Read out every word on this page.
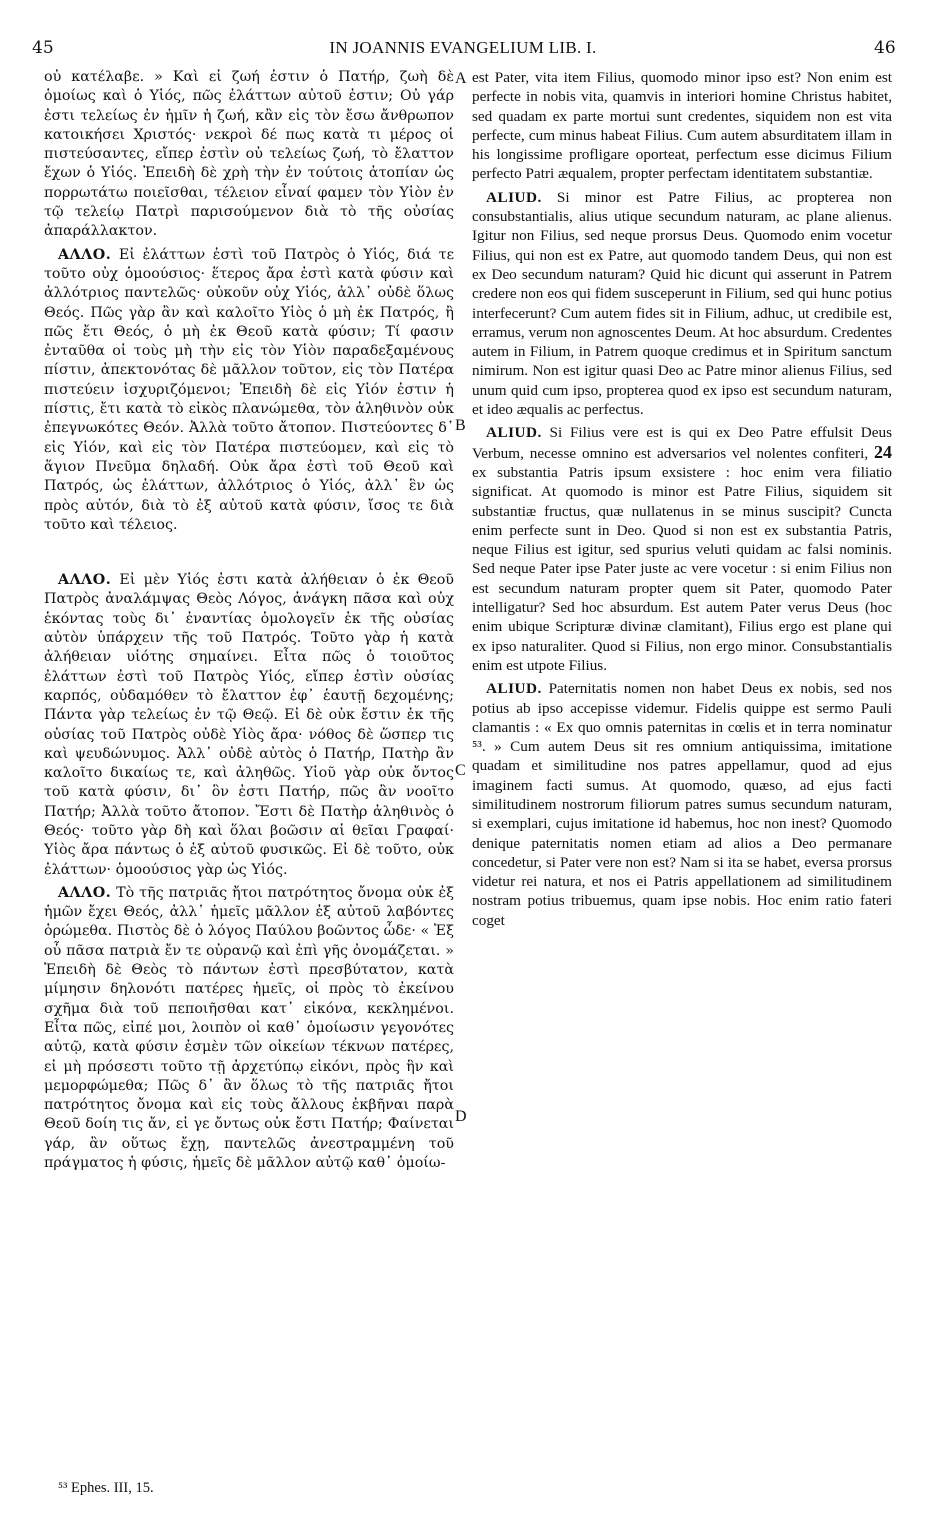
45	IN JOANNIS EVANGELIUM LIB. I.	46

οὐ κατέλαβε. » Καὶ εἰ ζωή ἐστιν ὁ Πατήρ, ζωὴ δὲ ὁμοίως καὶ ὁ Υἱός, πῶς ἐλάττων αὐτοῦ ἐστιν; Οὐ γάρ ἐστι τελείως ἐν ἡμῖν ἡ ζωή, κἂν εἰς τὸν ἔσω ἄνθρωπον κατοικήσει Χριστός· νεκροὶ δέ πως κατὰ τι μέρος οἱ πιστεύσαντες, εἴπερ ἐστὶν οὐ τελείως ζωή, τὸ ἔλαττον ἔχων ὁ Υἱός. Ἐπειδὴ δὲ χρὴ τὴν ἐν τούτοις ἀτοπίαν ὡς πορρωτάτω ποιεῖσθαι, τέλειον εἶναί φαμεν τὸν Υἱὸν ἐν τῷ τελείῳ Πατρὶ παρισούμενον διὰ τὸ τῆς οὐσίας ἀπαράλλακτον.

ΑΛΛΟ. Εἰ ἐλάττων ἐστὶ τοῦ Πατρὸς ὁ Υἱός, διά τε τοῦτο οὐχ ὁμοούσιος· ἕτερος ἄρα ἐστὶ κατὰ φύσιν καὶ ἀλλότριος παντελῶς· οὐκοῦν οὐχ Υἱός, ἀλλ᾽ οὐδὲ ὅλως Θεός. Πῶς γὰρ ἂν καὶ καλοῖτο Υἱὸς ὁ μὴ ἐκ Πατρός, ἢ πῶς ἔτι Θεός, ὁ μὴ ἐκ Θεοῦ κατὰ φύσιν; Τί φασιν ἐνταῦθα οἱ τοὺς μὴ τὴν εἰς τὸν Υἱὸν παραδεξαμένους πίστιν, ἀπεκτονότας δὲ μᾶλλον τοῦτον, εἰς τὸν Πατέρα πιστεύειν ἰσχυριζόμενοι; Ἐπειδὴ δὲ εἰς Υἱόν ἐστιν ἡ πίστις, ἔτι κατὰ τὸ εἰκὸς πλανώμεθα, τὸν ἀληθινὸν οὐκ ἐπεγνωκότες Θεόν. Ἀλλὰ τοῦτο ἄτοπον. Πιστεύοντες δ᾽ εἰς Υἱόν, καὶ εἰς τὸν Πατέρα πιστεύομεν, καὶ εἰς τὸ ἅγιον Πνεῦμα δηλαδή. Οὐκ ἄρα ἐστὶ τοῦ Θεοῦ καὶ Πατρός, ὡς ἐλάττων, ἀλλότριος ὁ Υἱός, ἀλλ᾽ ἓν ὡς πρὸς αὐτόν, διὰ τὸ ἐξ αὐτοῦ κατὰ φύσιν, ἴσος τε διὰ τοῦτο καὶ τέλειος.

ΑΛΛΟ. Εἰ μὲν Υἱός ἐστι κατὰ ἀλήθειαν ὁ ἐκ Θεοῦ Πατρὸς ἀναλάμψας Θεὸς Λόγος, ἀνάγκη πᾶσα καὶ οὐχ ἑκόντας τοὺς δι᾽ ἐναντίας ὁμολογεῖν ἐκ τῆς οὐσίας αὐτὸν ὑπάρχειν τῆς τοῦ Πατρός. Τοῦτο γὰρ ἡ κατὰ ἀλήθειαν υἱότης σημαίνει. Εἶτα πῶς ὁ τοιοῦτος ἐλάττων ἐστὶ τοῦ Πατρὸς Υἱός, εἴπερ ἐστὶν οὐσίας καρπός, οὐδαμόθεν τὸ ἔλαττον ἐφ᾽ ἑαυτῇ δεχομένης; Πάντα γὰρ τελείως ἐν τῷ Θεῷ. Εἰ δὲ οὐκ ἔστιν ἐκ τῆς οὐσίας τοῦ Πατρὸς οὐδὲ Υἱὸς ἄρα· νόθος δὲ ὥσπερ τις καὶ ψευδώνυμος. Ἀλλ᾽ οὐδὲ αὐτὸς ὁ Πατήρ, Πατὴρ ἂν καλοῖτο δικαίως τε, καὶ ἀληθῶς. Υἱοῦ γὰρ οὐκ ὄντος τοῦ κατὰ φύσιν, δι᾽ ὃν ἐστι Πατήρ, πῶς ἂν νοοῖτο Πατήρ; Ἀλλὰ τοῦτο ἄτοπον. Ἔστι δὲ Πατὴρ ἀληθινὸς ὁ Θεός· τοῦτο γὰρ δὴ καὶ ὅλαι βοῶσιν αἱ θεῖαι Γραφαί· Υἱὸς ἄρα πάντως ὁ ἐξ αὐτοῦ φυσικῶς. Εἰ δὲ τοῦτο, οὐκ ἐλάττων· ὁμοούσιος γὰρ ὡς Υἱός.

ΑΛΛΟ. Τὸ τῆς πατριᾶς ἤτοι πατρότητος ὄνομα οὐκ ἐξ ἡμῶν ἔχει Θεός, ἀλλ᾽ ἡμεῖς μᾶλλον ἐξ αὐτοῦ λαβόντες ὁρώμεθα. Πιστὸς δὲ ὁ λόγος Παύλου βοῶντος ὧδε· « Ἐξ οὗ πᾶσα πατριὰ ἔν τε οὐρανῷ καὶ ἐπὶ γῆς ὀνομάζεται. » Ἐπειδὴ δὲ Θεὸς τὸ πάντων ἐστὶ πρεσβύτατον, κατὰ μίμησιν δηλονότι πατέρες ἡμεῖς, οἱ πρὸς τὸ ἐκείνου σχῆμα διὰ τοῦ πεποιῆσθαι κατ᾽ εἰκόνα, κεκλημένοι. Εἶτα πῶς, εἰπέ μοι, λοιπὸν οἱ καθ᾽ ὁμοίωσιν γεγονότες αὐτῷ, κατὰ φύσιν ἐσμὲν τῶν οἰκείων τέκνων πατέρες, εἰ μὴ πρόσεστι τοῦτο τῇ ἀρχετύπῳ εἰκόνι, πρὸς ἣν καὶ μεμορφώμεθα; Πῶς δ᾽ ἂν ὅλως τὸ τῆς πατριᾶς ἤτοι πατρότητος ὄνομα καὶ εἰς τοὺς ἄλλους ἐκβῆναι παρὰ Θεοῦ δοίη τις ἄν, εἰ γε ὄντως οὐκ ἔστι Πατήρ; Φαίνεται γάρ, ἂν οὕτως ἔχῃ, παντελῶς ἀνεστραμμένη τοῦ πράγματος ἡ φύσις, ἡμεῖς δὲ μᾶλλον αὐτῷ καθ᾽ ὁμοίω-

est Pater, vita item Filius, quomodo minor ipso est? Non enim est perfecte in nobis vita, quamvis in interiori homine Christus habitet, sed quadam ex parte mortui sunt credentes, siquidem non est vita perfecte, cum minus habeat Filius. Cum autem absurditatem illam in his longissime profligare oporteat, perfectum esse dicimus Filium perfecto Patri æqualem, propter perfectam identitatem substantiæ.

ALIUD. Si minor est Patre Filius, ac propterea non consubstantialis, alius utique secundum naturam, ac plane alienus. Igitur non Filius, sed neque prorsus Deus. Quomodo enim vocetur Filius, qui non est ex Patre, aut quomodo tandem Deus, qui non est ex Deo secundum naturam? Quid hic dicunt qui asserunt in Patrem credere non eos qui fidem susceperunt in Filium, sed qui hunc potius interfecerunt? Cum autem fides sit in Filium, adhuc, ut credibile est, erramus, verum non agnoscentes Deum. At hoc absurdum. Credentes autem in Filium, in Patrem quoque credimus et in Spiritum sanctum nimirum. Non est igitur quasi Deo ac Patre minor alienus Filius, sed unum quid cum ipso, propterea quod ex ipso est secundum naturam, et ideo æqualis ac perfectus.

ALIUD. Si Filius vere est is qui ex Deo Patre effulsit Deus Verbum, necesse omnino est adversarios vel nolentes confiteri, 24 ex substantia Patris ipsum exsistere : hoc enim vera filiatio significat. At quomodo is minor est Patre Filius, siquidem sit substantiæ fructus, quæ nullatenus in se minus suscipit? Cuncta enim perfecte sunt in Deo. Quod si non est ex substantia Patris, neque Filius est igitur, sed spurius veluti quidam ac falsi nominis. Sed neque Pater ipse Pater juste ac vere vocetur : si enim Filius non est secundum naturam propter quem sit Pater, quomodo Pater intelligatur? Sed hoc absurdum. Est autem Pater verus Deus (hoc enim ubique Scripturæ divinæ clamitant), Filius ergo est plane qui ex ipso naturaliter. Quod si Filius, non ergo minor. Consubstantialis enim est utpote Filius.

ALIUD. Paternitatis nomen non habet Deus ex nobis, sed nos potius ab ipso accepisse videmur. Fidelis quippe est sermo Pauli clamantis : « Ex quo omnis paternitas in cœlis et in terra nominatur ⁵³. » Cum autem Deus sit res omnium antiquissima, imitatione quadam et similitudine nos patres appellamur, quod ad ejus imaginem facti sumus. At quomodo, quæso, ad ejus facti similitudinem nostrorum filiorum patres sumus secundum naturam, si exemplari, cujus imitatione id habemus, hoc non inest? Quomodo denique paternitatis nomen etiam ad alios a Deo permanare concedetur, si Pater vere non est? Nam si ita se habet, eversa prorsus videtur rei natura, et nos ei Patris appellationem ad similitudinem nostram potius tribuemus, quam ipse nobis. Hoc enim ratio fateri coget

A
B
C
D
⁵³ Ephes. III, 15.
